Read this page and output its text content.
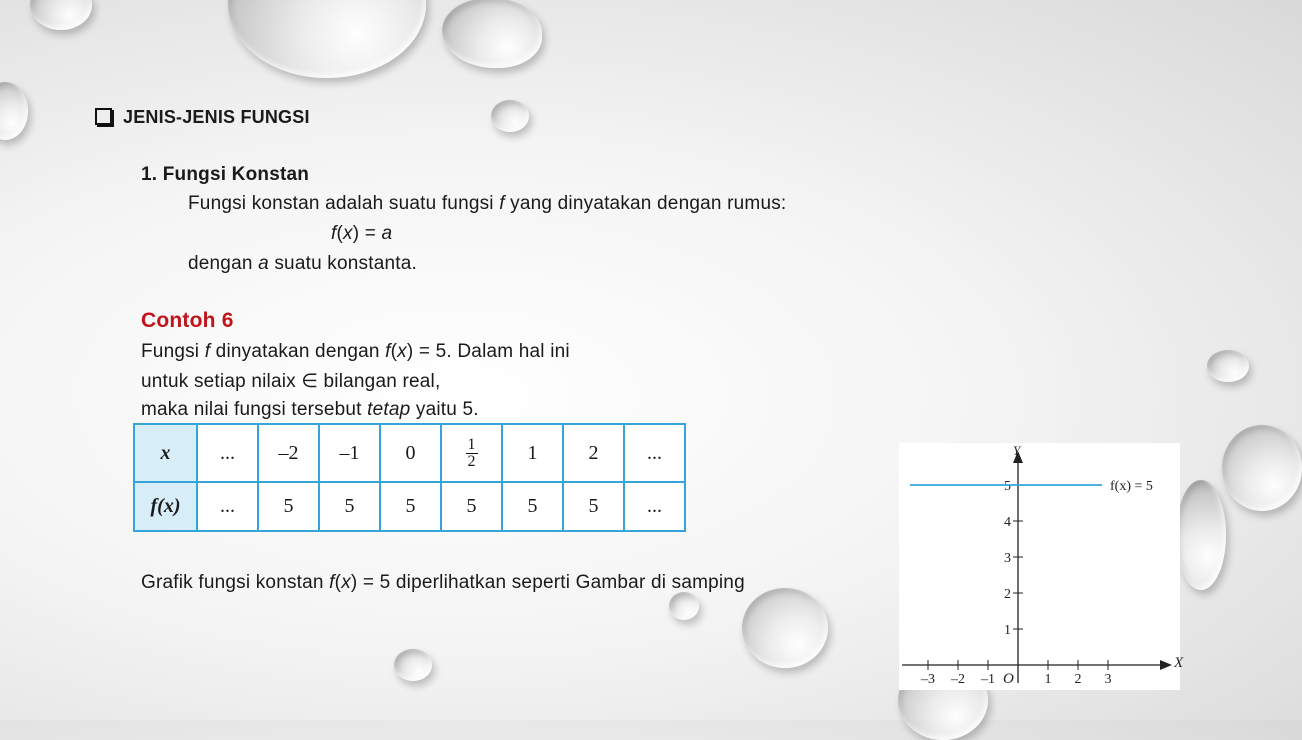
JENIS-JENIS FUNGSI
1. Fungsi Konstan
Fungsi konstan adalah suatu fungsi f yang dinyatakan dengan rumus:
f(x) = a
dengan a suatu konstanta.
Contoh 6
Fungsi f dinyatakan dengan f(x) = 5. Dalam hal ini
untuk setiap nilaix ∈ bilangan real,
maka nilai fungsi tersebut tetap yaitu 5.
x	...	–2	–1	0	$\frac{1}{2}$	1	2	...
f(x)	...	5	5	5	5	5	5	...
Grafik fungsi konstan f(x) = 5 diperlihatkan seperti Gambar di samping
X
Y
O
–3 –2 –1	1 2 3
1
2
3
4
5	f(x) = 5
